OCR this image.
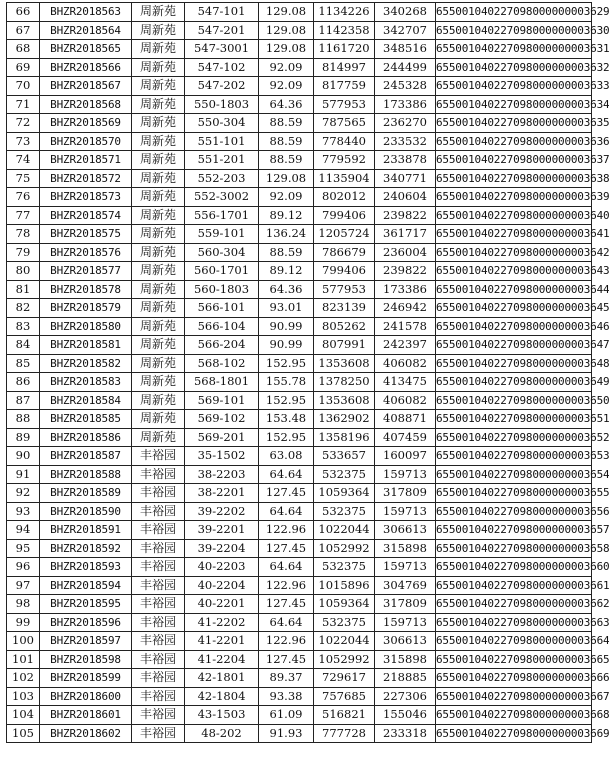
66	BHZR2018563	周新苑	547-101	129.08	1134226	340268	655001040227098000000003629
67	BHZR2018564	周新苑	547-201	129.08	1142358	342707	655001040227098000000003630
68	BHZR2018565	周新苑	547-3001	129.08	1161720	348516	655001040227098000000003631
69	BHZR2018566	周新苑	547-102	92.09	814997	244499	655001040227098000000003632
70	BHZR2018567	周新苑	547-202	92.09	817759	245328	655001040227098000000003633
71	BHZR2018568	周新苑	550-1803	64.36	577953	173386	655001040227098000000003634
72	BHZR2018569	周新苑	550-304	88.59	787565	236270	655001040227098000000003635
73	BHZR2018570	周新苑	551-101	88.59	778440	233532	655001040227098000000003636
74	BHZR2018571	周新苑	551-201	88.59	779592	233878	655001040227098000000003637
75	BHZR2018572	周新苑	552-203	129.08	1135904	340771	655001040227098000000003638
76	BHZR2018573	周新苑	552-3002	92.09	802012	240604	655001040227098000000003639
77	BHZR2018574	周新苑	556-1701	89.12	799406	239822	655001040227098000000003640
78	BHZR2018575	周新苑	559-101	136.24	1205724	361717	655001040227098000000003641
79	BHZR2018576	周新苑	560-304	88.59	786679	236004	655001040227098000000003642
80	BHZR2018577	周新苑	560-1701	89.12	799406	239822	655001040227098000000003643
81	BHZR2018578	周新苑	560-1803	64.36	577953	173386	655001040227098000000003644
82	BHZR2018579	周新苑	566-101	93.01	823139	246942	655001040227098000000003645
83	BHZR2018580	周新苑	566-104	90.99	805262	241578	655001040227098000000003646
84	BHZR2018581	周新苑	566-204	90.99	807991	242397	655001040227098000000003647
85	BHZR2018582	周新苑	568-102	152.95	1353608	406082	655001040227098000000003648
86	BHZR2018583	周新苑	568-1801	155.78	1378250	413475	655001040227098000000003649
87	BHZR2018584	周新苑	569-101	152.95	1353608	406082	655001040227098000000003650
88	BHZR2018585	周新苑	569-102	153.48	1362902	408871	655001040227098000000003651
89	BHZR2018586	周新苑	569-201	152.95	1358196	407459	655001040227098000000003652
90	BHZR2018587	丰裕园	35-1502	63.08	533657	160097	655001040227098000000003653
91	BHZR2018588	丰裕园	38-2203	64.64	532375	159713	655001040227098000000003654
92	BHZR2018589	丰裕园	38-2201	127.45	1059364	317809	655001040227098000000003655
93	BHZR2018590	丰裕园	39-2202	64.64	532375	159713	655001040227098000000003656
94	BHZR2018591	丰裕园	39-2201	122.96	1022044	306613	655001040227098000000003657
95	BHZR2018592	丰裕园	39-2204	127.45	1052992	315898	655001040227098000000003658
96	BHZR2018593	丰裕园	40-2203	64.64	532375	159713	655001040227098000000003660
97	BHZR2018594	丰裕园	40-2204	122.96	1015896	304769	655001040227098000000003661
98	BHZR2018595	丰裕园	40-2201	127.45	1059364	317809	655001040227098000000003662
99	BHZR2018596	丰裕园	41-2202	64.64	532375	159713	655001040227098000000003663
100	BHZR2018597	丰裕园	41-2201	122.96	1022044	306613	655001040227098000000003664
101	BHZR2018598	丰裕园	41-2204	127.45	1052992	315898	655001040227098000000003665
102	BHZR2018599	丰裕园	42-1801	89.37	729617	218885	655001040227098000000003666
103	BHZR2018600	丰裕园	42-1804	93.38	757685	227306	655001040227098000000003667
104	BHZR2018601	丰裕园	43-1503	61.09	516821	155046	655001040227098000000003668
105	BHZR2018602	丰裕园	48-202	91.93	777728	233318	655001040227098000000003669
